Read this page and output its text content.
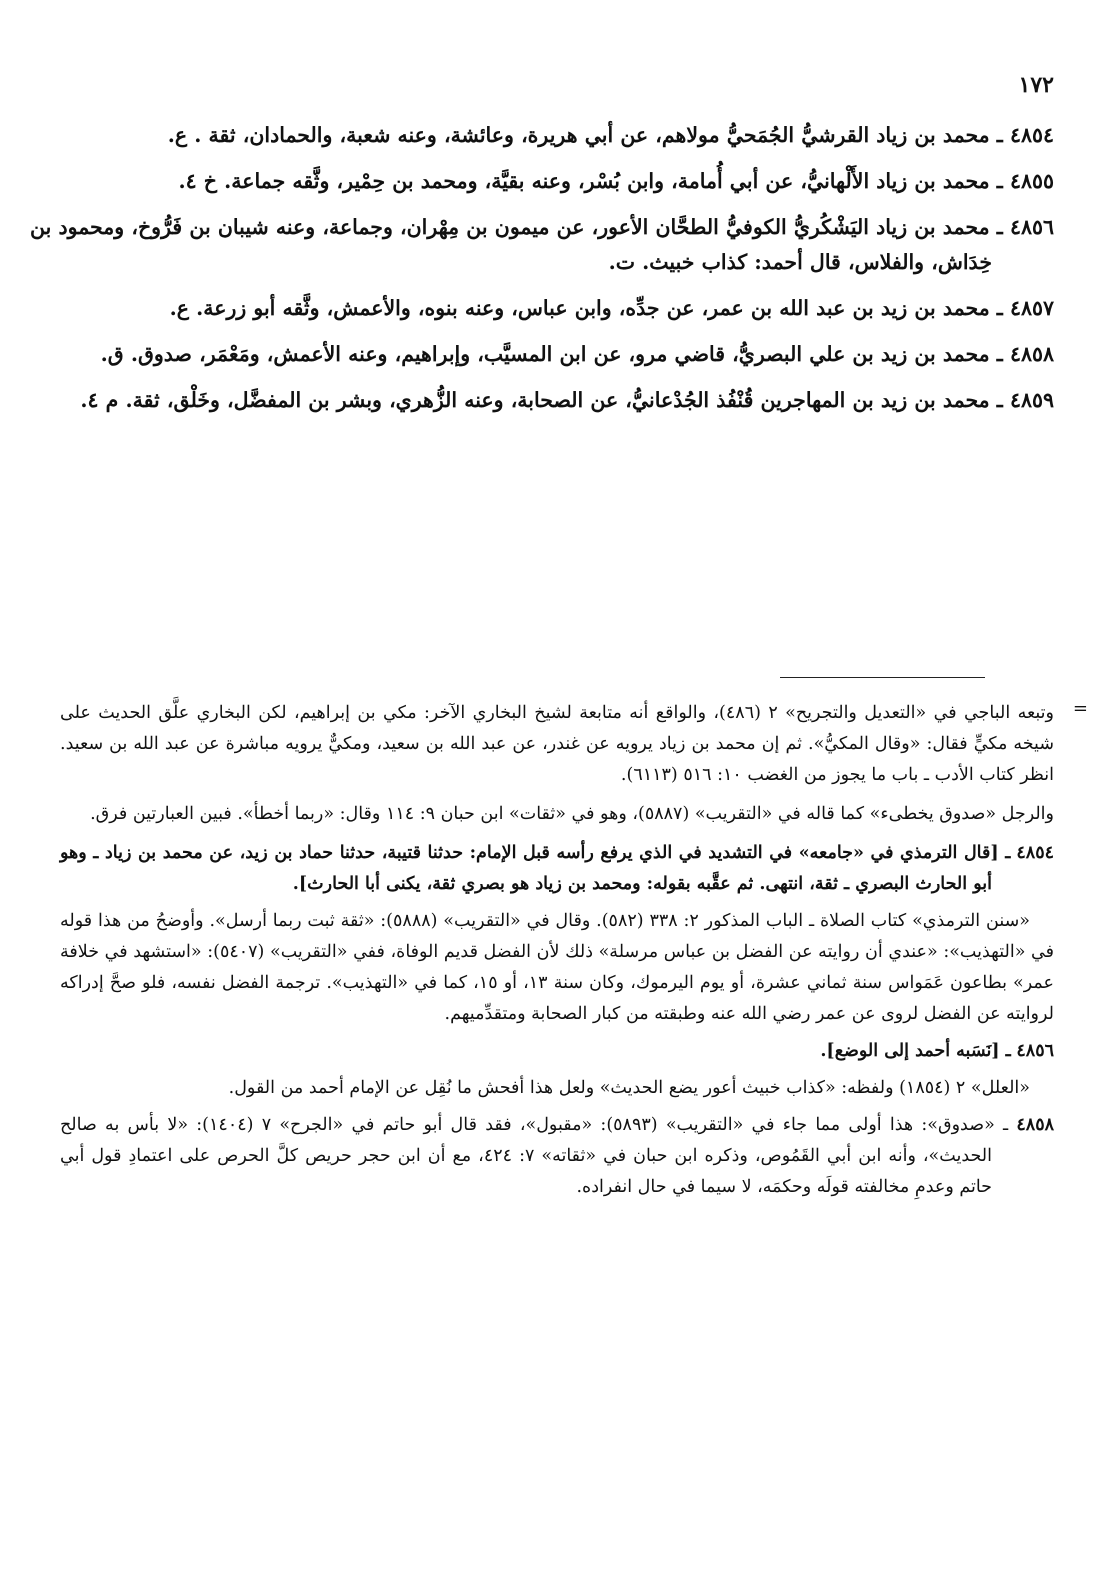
١٧٢

٤٨٥٤ ـ محمد بن زياد القرشيُّ الجُمَحيُّ مولاهم، عن أبي هريرة، وعائشة، وعنه شعبة، والحمادان، ثقة . ع.

٤٨٥٥ ـ محمد بن زياد الأَلْهانيُّ، عن أبي أُمامة، وابن بُسْر، وعنه بقيَّة، ومحمد بن حِمْير، وثَّقه جماعة. خ ٤.

٤٨٥٦ ـ محمد بن زياد اليَشْكُريُّ الكوفيُّ الطحَّان الأعور، عن ميمون بن مِهْران، وجماعة، وعنه شيبان بن فَرُّوخ، ومحمود بن خِدَاش، والفلاس، قال أحمد: كذاب خبيث. ت.

٤٨٥٧ ـ محمد بن زيد بن عبد الله بن عمر، عن جدِّه، وابن عباس، وعنه بنوه، والأعمش، وثَّقه أبو زرعة. ع.

٤٨٥٨ ـ محمد بن زيد بن علي البصريُّ، قاضي مرو، عن ابن المسيَّب، وإبراهيم، وعنه الأعمش، ومَعْمَر، صدوق. ق.

٤٨٥٩ ـ محمد بن زيد بن المهاجرين قُنْفُذ الجُدْعانيُّ، عن الصحابة، وعنه الزُّهري، وبشر بن المفضَّل، وخَلْق، ثقة. م ٤.

=

وتبعه الباجي في «التعديل والتجريح» ٢ (٤٨٦)، والواقع أنه متابعة لشيخ البخاري الآخر: مكي بن إبراهيم، لكن البخاري علَّق الحديث على شيخه مكيٍّ فقال: «وقال المكيُّ». ثم إن محمد بن زياد يرويه عن غندر، عن عبد الله بن سعيد، ومكيٌّ يرويه مباشرة عن عبد الله بن سعيد. انظر كتاب الأدب ـ باب ما يجوز من الغضب ١٠: ٥١٦ (٦١١٣).

والرجل «صدوق يخطىء» كما قاله في «التقريب» (٥٨٨٧)، وهو في «ثقات» ابن حبان ٩: ١١٤ وقال: «ربما أخطأ». فبين العبارتين فرق.

٤٨٥٤ ـ [قال الترمذي في «جامعه» في التشديد في الذي يرفع رأسه قبل الإمام: حدثنا قتيبة، حدثنا حماد بن زيد، عن محمد بن زياد ـ وهو أبو الحارث البصري ـ ثقة، انتهى. ثم عقَّبه بقوله: ومحمد بن زياد هو بصري ثقة، يكنى أبا الحارث].

«سنن الترمذي» كتاب الصلاة ـ الباب المذكور ٢: ٣٣٨ (٥٨٢). وقال في «التقريب» (٥٨٨٨): «ثقة ثبت ربما أرسل». وأوضحُ من هذا قوله في «التهذيب»: «عندي أن روايته عن الفضل بن عباس مرسلة» ذلك لأن الفضل قديم الوفاة، ففي «التقريب» (٥٤٠٧): «استشهد في خلافة عمر» بطاعون عَمَواس سنة ثماني عشرة، أو يوم اليرموك، وكان سنة ١٣، أو ١٥، كما في «التهذيب». ترجمة الفضل نفسه، فلو صحَّ إدراكه لروايته عن الفضل لروى عن عمر رضي الله عنه وطبقته من كبار الصحابة ومتقدِّميهم.

٤٨٥٦ ـ [نَسَبه أحمد إلى الوضع].

«العلل» ٢ (١٨٥٤) ولفظه: «كذاب خبيث أعور يضع الحديث» ولعل هذا أفحش ما نُقِل عن الإمام أحمد من القول.

٤٨٥٨ ـ «صدوق»: هذا أولى مما جاء في «التقريب» (٥٨٩٣): «مقبول»، فقد قال أبو حاتم في «الجرح» ٧ (١٤٠٤): «لا بأس به صالح الحديث»، وأنه ابن أبي القَمُوص، وذكره ابن حبان في «ثقاته» ٧: ٤٢٤، مع أن ابن حجر حريص كلَّ الحرص على اعتمادِ قول أبي حاتم وعدمِ مخالفته قولَه وحكمَه، لا سيما في حال انفراده.
